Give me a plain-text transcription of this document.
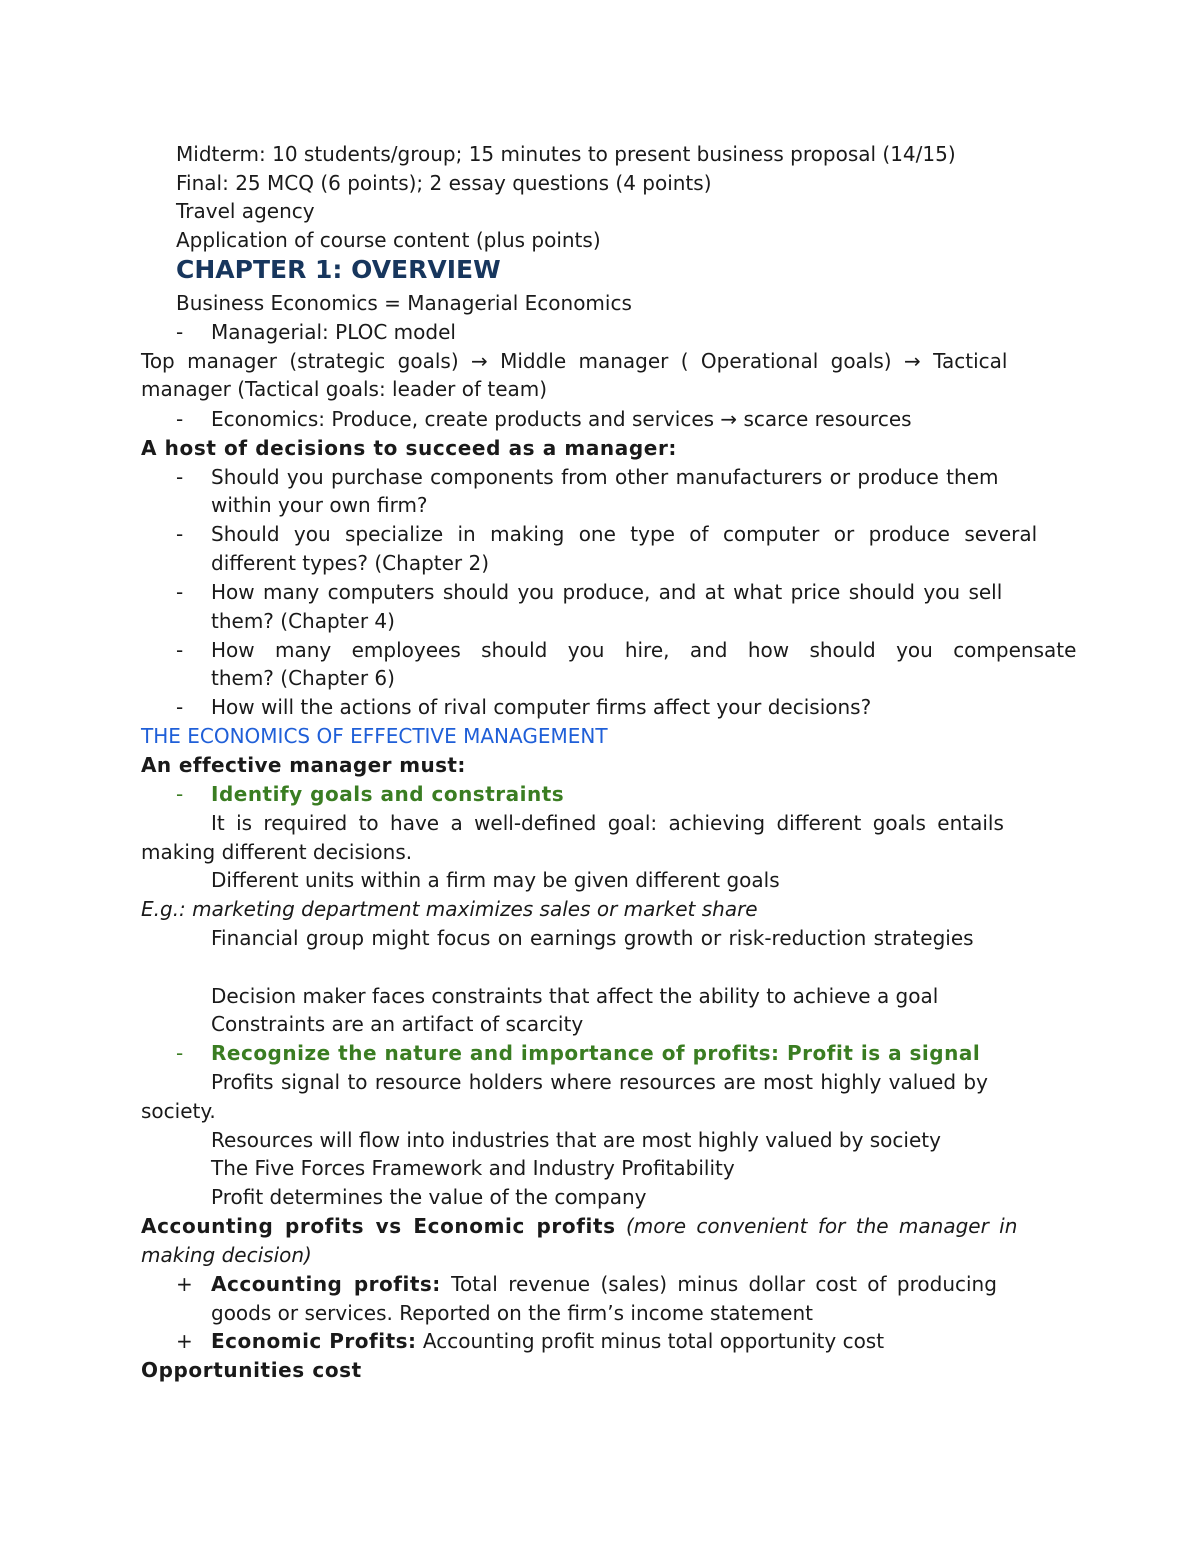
Midterm: 10 students/group; 15 minutes to present business proposal (14/15)
Final: 25 MCQ (6 points); 2 essay questions (4 points)
Travel agency
Application of course content (plus points)
CHAPTER 1: OVERVIEW
Business Economics = Managerial Economics
-	Managerial: PLOC model
Top manager (strategic goals) → Middle manager ( Operational goals) → Tactical
manager (Tactical goals: leader of team)
-	Economics: Produce, create products and services → scarce resources
A host of decisions to succeed as a manager:
-	Should you purchase components from other manufacturers or produce them
within your own firm?
-	Should you specialize in making one type of computer or produce several
different types? (Chapter 2)
-	How many computers should you produce, and at what price should you sell
them? (Chapter 4)
-	How many employees should you hire, and how should you compensate
them? (Chapter 6)
-	How will the actions of rival computer firms affect your decisions?
THE ECONOMICS OF EFFECTIVE MANAGEMENT
An effective manager must:
-	Identify goals and constraints
It is required to have a well-defined goal: achieving different goals entails
making different decisions.
Different units within a firm may be given different goals
E.g.: marketing department maximizes sales or market share
Financial group might focus on earnings growth or risk-reduction strategies
Decision maker faces constraints that affect the ability to achieve a goal
Constraints are an artifact of scarcity
-	Recognize the nature and importance of profits: Profit is a signal
Profits signal to resource holders where resources are most highly valued by
society.
Resources will flow into industries that are most highly valued by society
The Five Forces Framework and Industry Profitability
Profit determines the value of the company
Accounting profits vs Economic profits (more convenient for the manager in
making decision)
+ Accounting profits: Total revenue (sales) minus dollar cost of producing
goods or services. Reported on the firm’s income statement
+ Economic Profits: Accounting profit minus total opportunity cost
Opportunities cost
